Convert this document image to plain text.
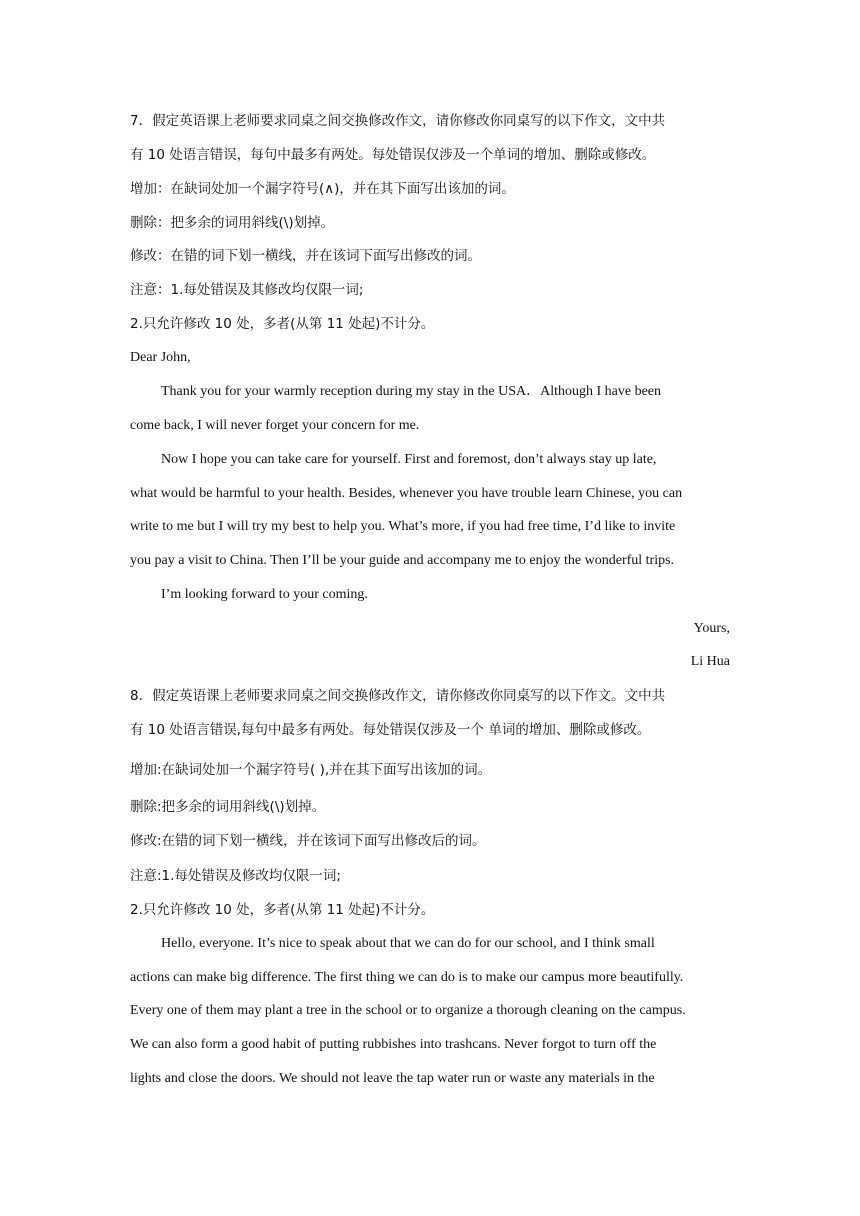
7．假定英语课上老师要求同桌之间交换修改作文，请你修改你同桌写的以下作文，文中共
有 10 处语言错误，每句中最多有两处。每处错误仅涉及一个单词的增加、删除或修改。
增加：在缺词处加一个漏字符号(∧)，并在其下面写出该加的词。
删除：把多余的词用斜线(\)划掉。
修改：在错的词下划一横线，并在该词下面写出修改的词。
注意：1.每处错误及其修改均仅限一词;
2.只允许修改 10 处，多者(从第 11 处起)不计分。
Dear John,
Thank you for your warmly reception during my stay in the USA．Although I have been
come back, I will never forget your concern for me.
Now I hope you can take care for yourself. First and foremost, don’t always stay up late,
what would be harmful to your health. Besides, whenever you have trouble learn Chinese, you can
write to me but I will try my best to help you. What’s more, if you had free time, I’d like to invite
you pay a visit to China. Then I’ll be your guide and accompany me to enjoy the wonderful trips.
I’m looking forward to your coming.
Yours,
Li Hua
8．假定英语课上老师要求同桌之间交换修改作文，请你修改你同桌写的以下作文。文中共
有 10 处语言错误,每句中最多有两处。每处错误仅涉及一个 单词的增加、删除或修改。
增加:在缺词处加一个漏字符号( ),并在其下面写出该加的词。
删除:把多余的词用斜线(\)划掉。
修改:在错的词下划一横线，并在该词下面写出修改后的词。
注意:1.每处错误及修改均仅限一词;
2.只允许修改 10 处，多者(从第 11 处起)不计分。
Hello, everyone. It’s nice to speak about that we can do for our school, and I think small
actions can make big difference. The first thing we can do is to make our campus more beautifully.
Every one of them may plant a tree in the school or to organize a thorough cleaning on the campus.
We can also form a good habit of putting rubbishes into trashcans. Never forgot to turn off the
lights and close the doors. We should not leave the tap water run or waste any materials in the
